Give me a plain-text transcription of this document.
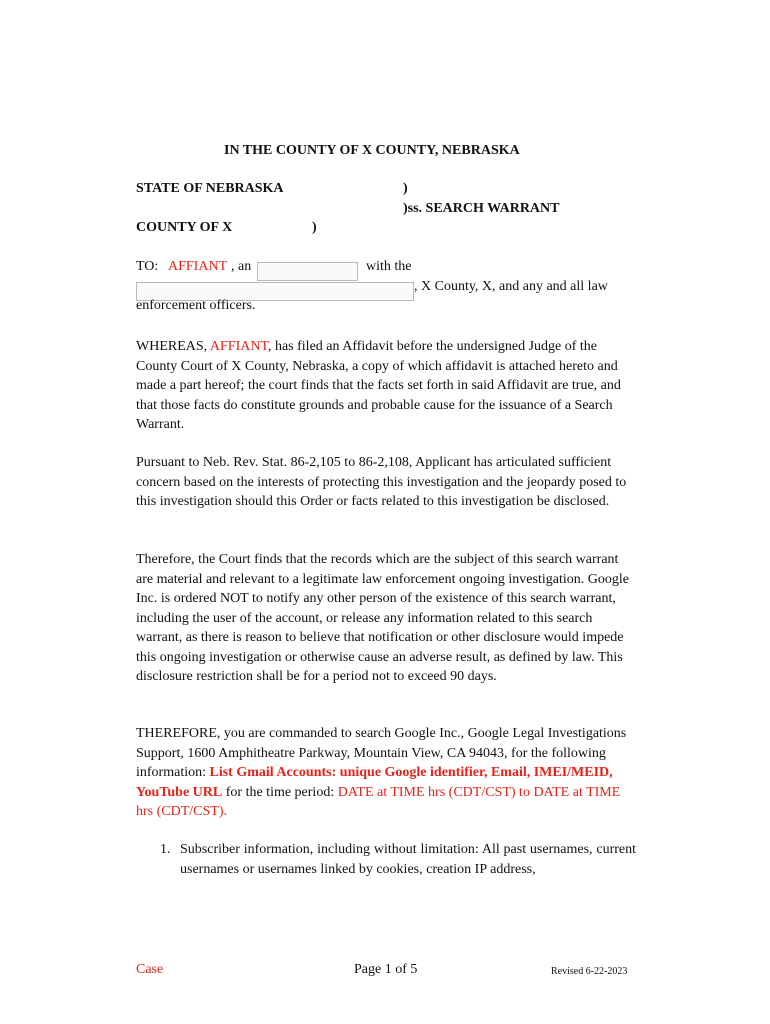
IN THE COUNTY OF X COUNTY, NEBRASKA
STATE OF NEBRASKA	)
)ss. SEARCH WARRANT
COUNTY OF X	)
TO: AFFIANT , an	with the
, X County, X, and any and all law
enforcement officers.
WHEREAS, AFFIANT, has filed an Affidavit before the undersigned Judge of the County Court of X County, Nebraska, a copy of which affidavit is attached hereto and made a part hereof; the court finds that the facts set forth in said Affidavit are true, and that those facts do constitute grounds and probable cause for the issuance of a Search Warrant.
Pursuant to Neb. Rev. Stat. 86-2,105 to 86-2,108, Applicant has articulated sufficient concern based on the interests of protecting this investigation and the jeopardy posed to this investigation should this Order or facts related to this investigation be disclosed.
Therefore, the Court finds that the records which are the subject of this search warrant are material and relevant to a legitimate law enforcement ongoing investigation. Google Inc. is ordered NOT to notify any other person of the existence of this search warrant, including the user of the account, or release any information related to this search warrant, as there is reason to believe that notification or other disclosure would impede this ongoing investigation or otherwise cause an adverse result, as defined by law. This disclosure restriction shall be for a period not to exceed 90 days.
THEREFORE, you are commanded to search Google Inc., Google Legal Investigations Support, 1600 Amphitheatre Parkway, Mountain View, CA 94043, for the following information: List Gmail Accounts: unique Google identifier, Email, IMEI/MEID, YouTube URL for the time period: DATE at TIME hrs (CDT/CST) to DATE at TIME hrs (CDT/CST).
1. Subscriber information, including without limitation: All past usernames, current usernames or usernames linked by cookies, creation IP address,
Case	Page 1 of 5	Revised 6-22-2023
